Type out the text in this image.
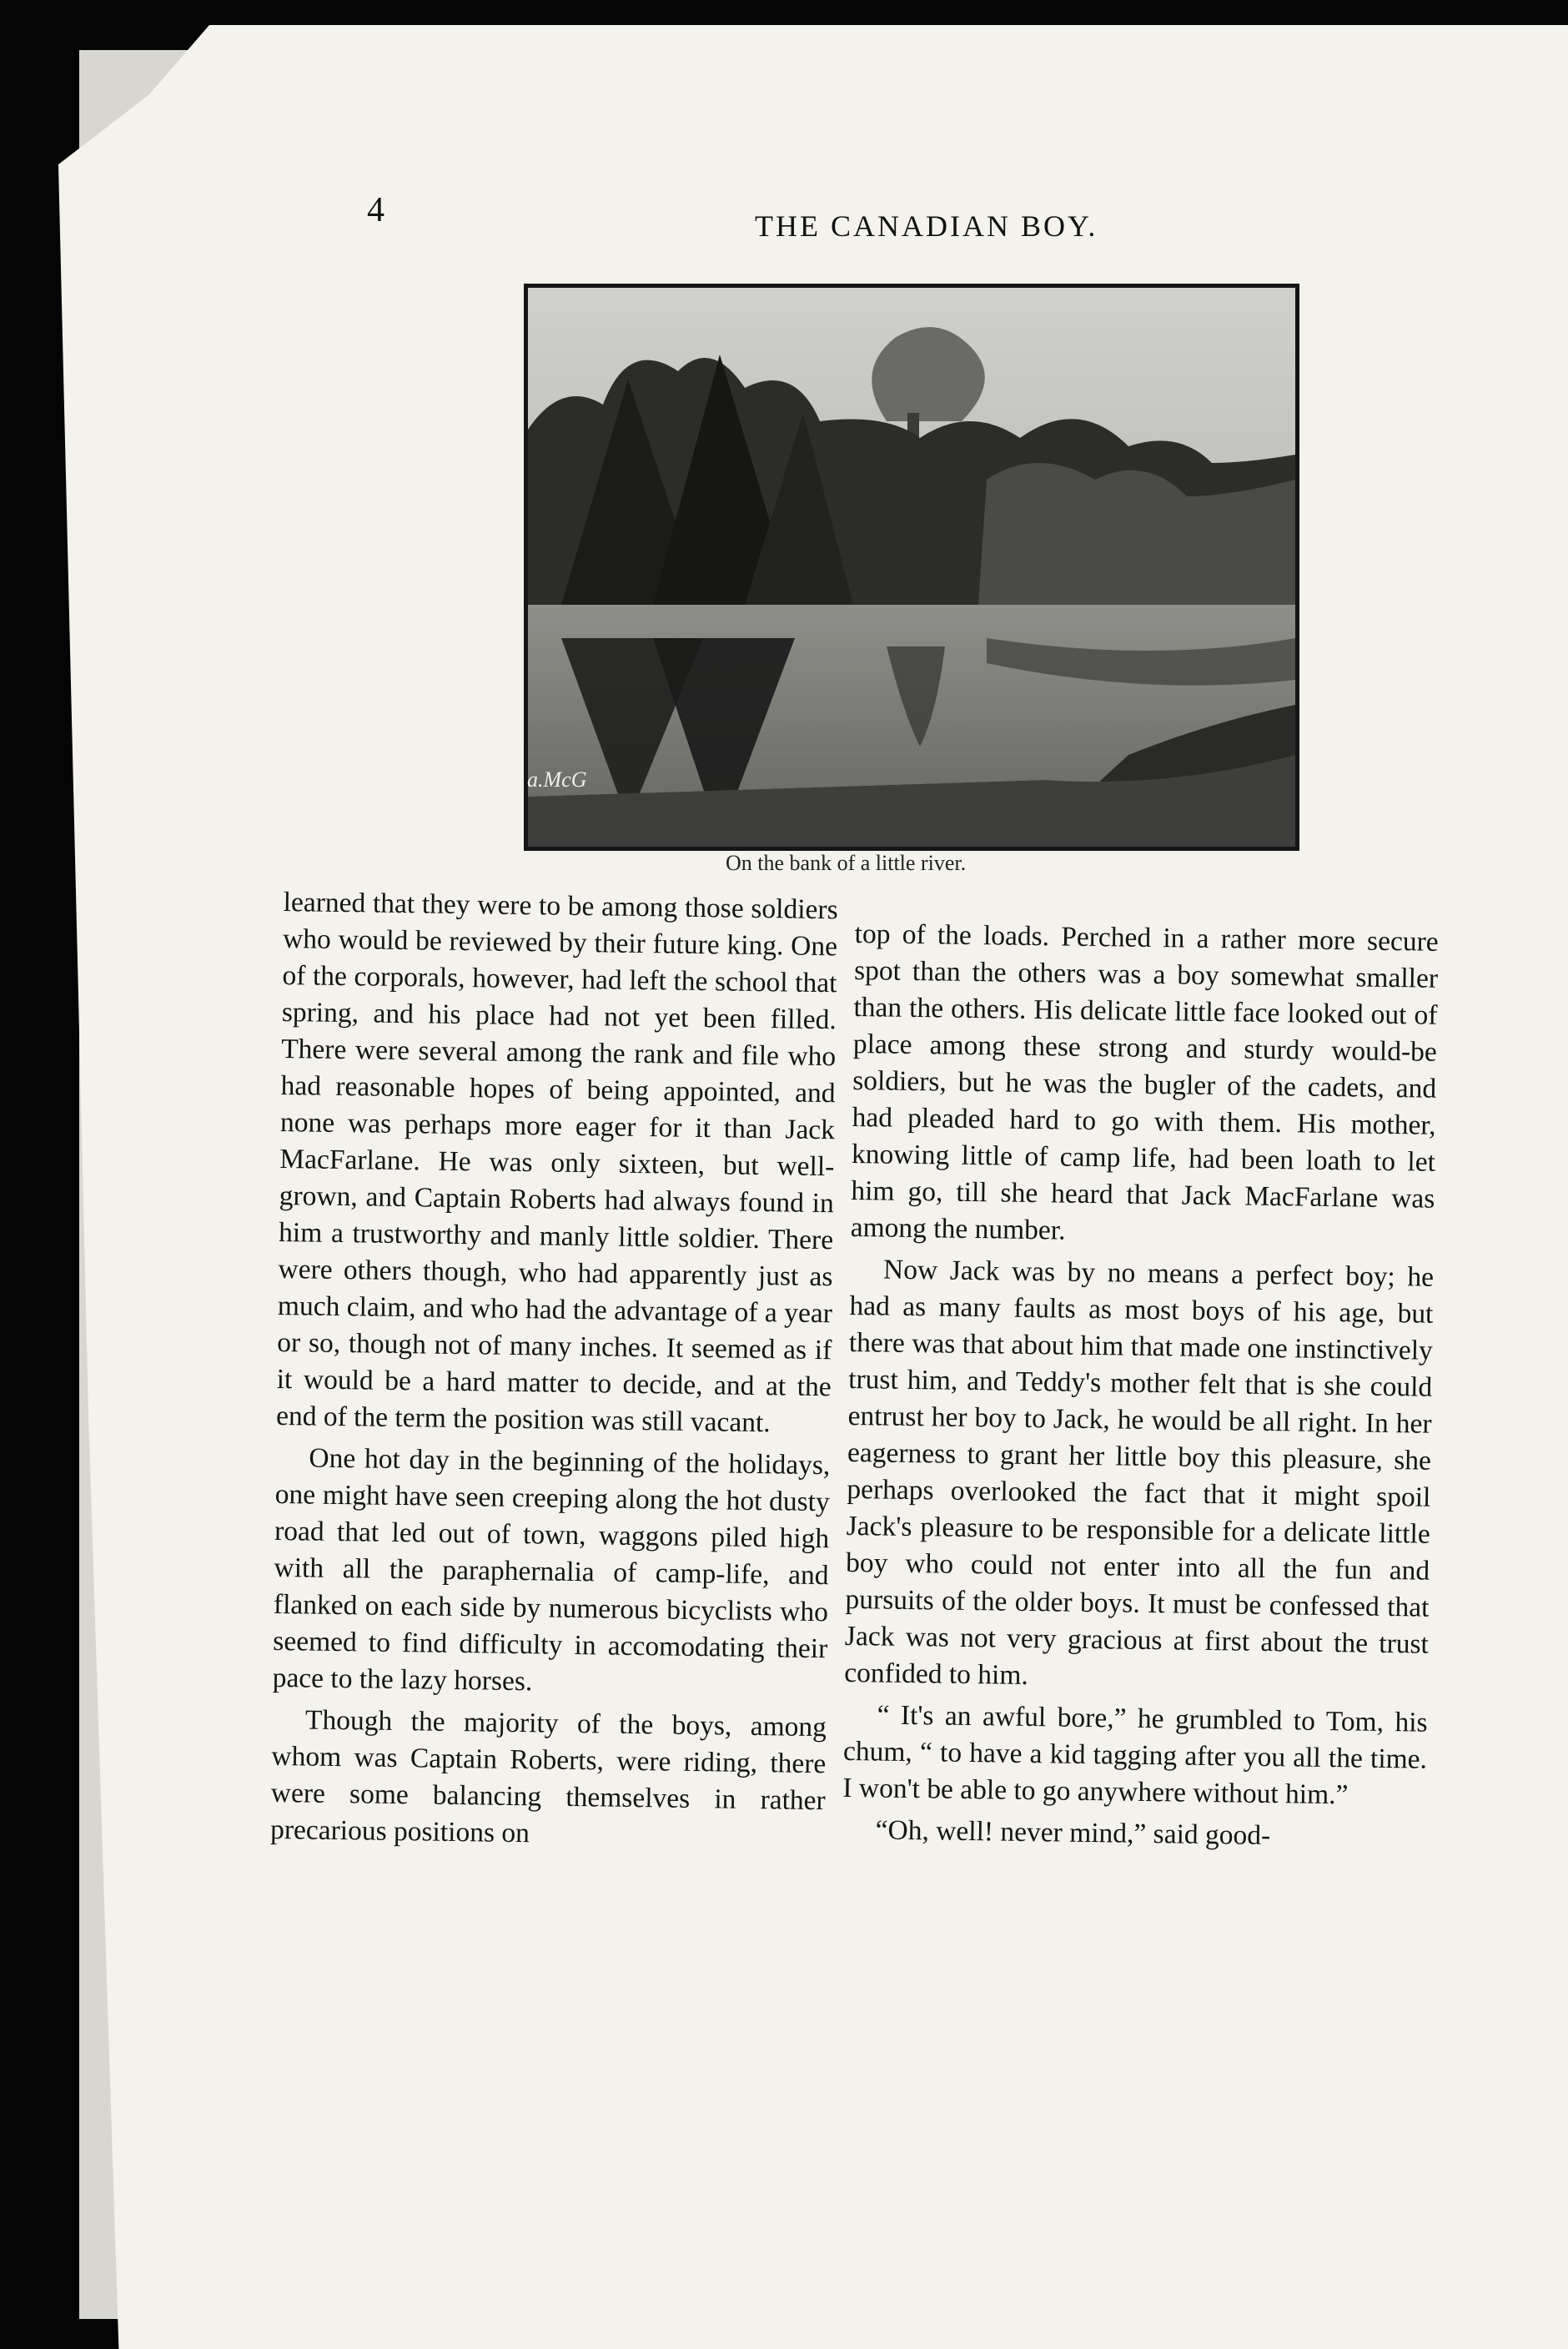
4	THE CANADIAN BOY.
a.McG
On the bank of a little river.

learned that they were to be among those soldiers who would be reviewed by their future king. One of the corporals, however, had left the school that spring, and his place had not yet been filled. There were several among the rank and file who had reasonable hopes of being appointed, and none was perhaps more eager for it than Jack MacFarlane. He was only sixteen, but well-grown, and Captain Roberts had always found in him a trustworthy and manly little soldier. There were others though, who had apparently just as much claim, and who had the advantage of a year or so, though not of many inches. It seemed as if it would be a hard matter to decide, and at the end of the term the position was still vacant.

One hot day in the beginning of the holidays, one might have seen creeping along the hot dusty road that led out of town, waggons piled high with all the paraphernalia of camp-life, and flanked on each side by numerous bicyclists who seemed to find difficulty in accomodating their pace to the lazy horses.

Though the majority of the boys, among whom was Captain Roberts, were riding, there were some balancing themselves in rather precarious positions on

top of the loads. Perched in a rather more secure spot than the others was a boy somewhat smaller than the others. His delicate little face looked out of place among these strong and sturdy would-be soldiers, but he was the bugler of the cadets, and had pleaded hard to go with them. His mother, knowing little of camp life, had been loath to let him go, till she heard that Jack MacFarlane was among the number.

Now Jack was by no means a perfect boy; he had as many faults as most boys of his age, but there was that about him that made one instinctively trust him, and Teddy's mother felt that is she could entrust her boy to Jack, he would be all right. In her eagerness to grant her little boy this pleasure, she perhaps overlooked the fact that it might spoil Jack's pleasure to be responsible for a delicate little boy who could not enter into all the fun and pursuits of the older boys. It must be confessed that Jack was not very gracious at first about the trust confided to him.

“ It's an awful bore,” he grumbled to Tom, his chum, “ to have a kid tagging after you all the time. I won't be able to go anywhere without him.”

“Oh, well! never mind,” said good-
